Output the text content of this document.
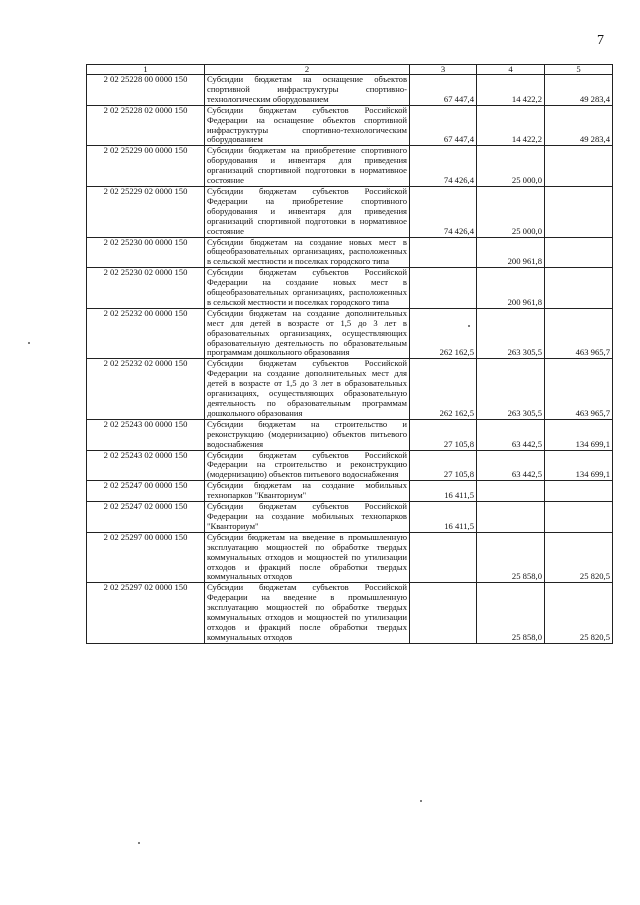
7
1	2	3	4	5
2 02 25228 00 0000 150	Субсидии бюджетам на оснащение объектов спортивной инфраструктуры спортивно-технологическим оборудованием	67 447,4	14 422,2	49 283,4
2 02 25228 02 0000 150	Субсидии бюджетам субъектов Российской Федерации на оснащение объектов спортивной инфраструктуры спортивно-технологическим оборудованием	67 447,4	14 422,2	49 283,4
2 02 25229 00 0000 150	Субсидии бюджетам на приобретение спортивного оборудования и инвентаря для приведения организаций спортивной подготовки в нормативное состояние	74 426,4	25 000,0	
2 02 25229 02 0000 150	Субсидии бюджетам субъектов Российской Федерации на приобретение спортивного оборудования и инвентаря для приведения организаций спортивной подготовки в нормативное состояние	74 426,4	25 000,0	
2 02 25230 00 0000 150	Субсидии бюджетам на создание новых мест в общеобразовательных организациях, расположенных в сельской местности и поселках городского типа		200 961,8	
2 02 25230 02 0000 150	Субсидии бюджетам субъектов Российской Федерации на создание новых мест в общеобразовательных организациях, расположенных в сельской местности и поселках городского типа		200 961,8	
2 02 25232 00 0000 150	Субсидии бюджетам на создание дополнительных мест для детей в возрасте от 1,5 до 3 лет в образовательных организациях, осуществляющих образовательную деятельность по образовательным программам дошкольного образования	262 162,5	263 305,5	463 965,7
2 02 25232 02 0000 150	Субсидии бюджетам субъектов Российской Федерации на создание дополнительных мест для детей в возрасте от 1,5 до 3 лет в образовательных организациях, осуществляющих образовательную деятельность по образовательным программам дошкольного образования	262 162,5	263 305,5	463 965,7
2 02 25243 00 0000 150	Субсидии бюджетам на строительство и реконструкцию (модернизацию) объектов питьевого водоснабжения	27 105,8	63 442,5	134 699,1
2 02 25243 02 0000 150	Субсидии бюджетам субъектов Российской Федерации на строительство и реконструкцию (модернизацию) объектов питьевого водоснабжения	27 105,8	63 442,5	134 699,1
2 02 25247 00 0000 150	Субсидии бюджетам на создание мобильных технопарков "Кванториум"	16 411,5		
2 02 25247 02 0000 150	Субсидии бюджетам субъектов Российской Федерации на создание мобильных технопарков "Кванториум"	16 411,5		
2 02 25297 00 0000 150	Субсидии бюджетам на введение в промышленную эксплуатацию мощностей по обработке твердых коммунальных отходов и мощностей по утилизации отходов и фракций после обработки твердых коммунальных отходов		25 858,0	25 820,5
2 02 25297 02 0000 150	Субсидии бюджетам субъектов Российской Федерации на введение в промышленную эксплуатацию мощностей по обработке твердых коммунальных отходов и мощностей по утилизации отходов и фракций после обработки твердых коммунальных отходов		25 858,0	25 820,5
